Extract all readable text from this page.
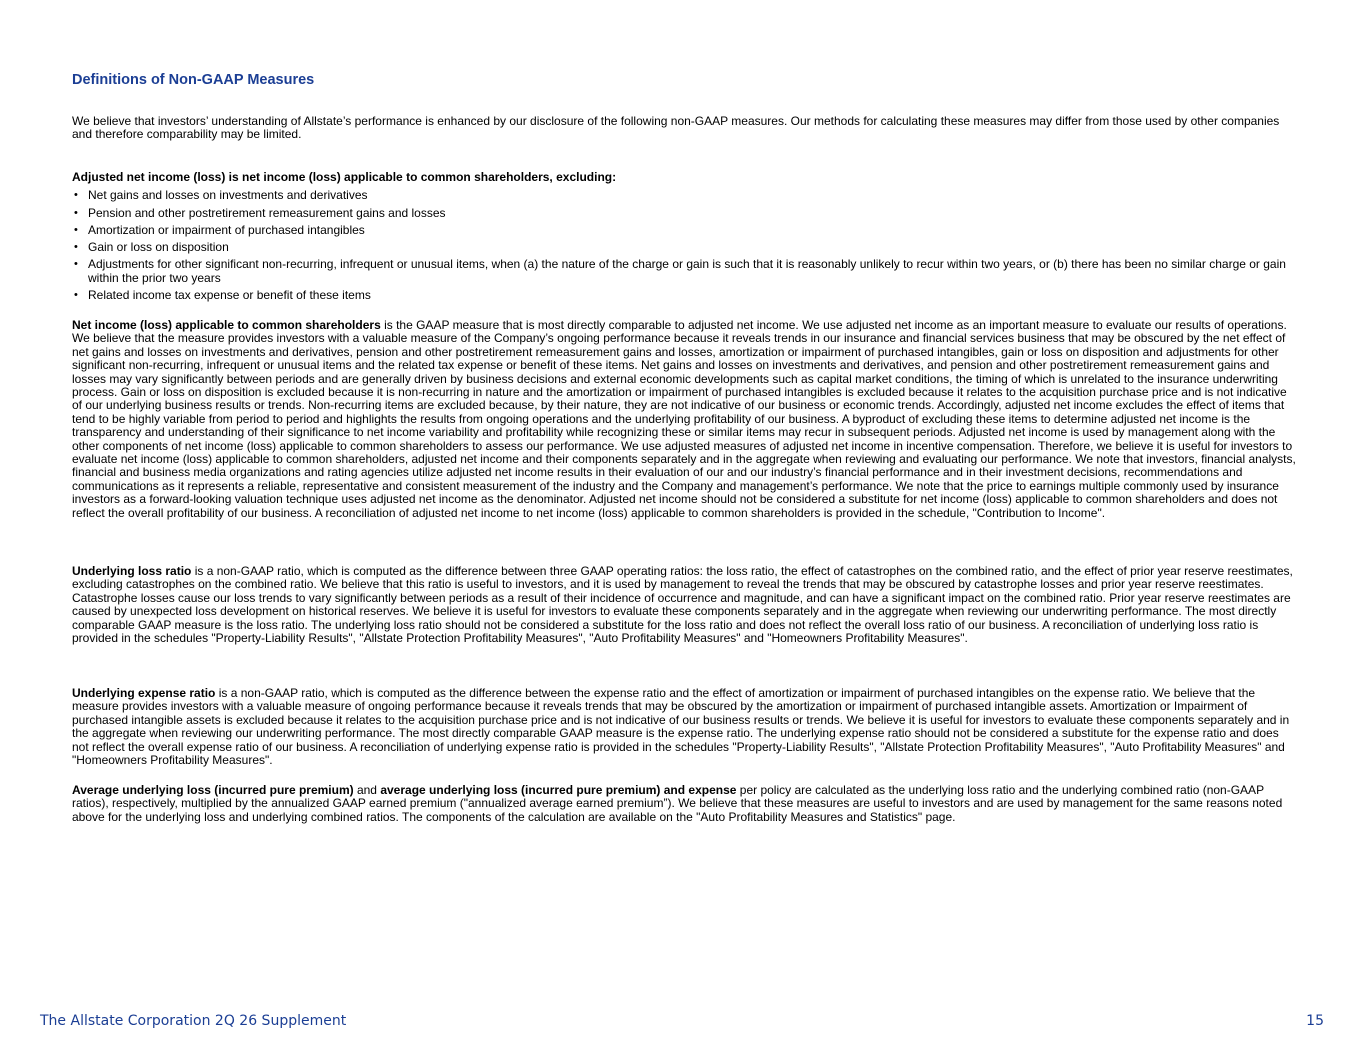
Definitions of Non-GAAP Measures

We believe that investors’ understanding of Allstate’s performance is enhanced by our disclosure of the following non-GAAP measures. Our methods for calculating these measures may differ from those used by other companies and therefore comparability may be limited.

Adjusted net income (loss) is net income (loss) applicable to common shareholders, excluding:
• Net gains and losses on investments and derivatives
• Pension and other postretirement remeasurement gains and losses
• Amortization or impairment of purchased intangibles
• Gain or loss on disposition
• Adjustments for other significant non-recurring, infrequent or unusual items, when (a) the nature of the charge or gain is such that it is reasonably unlikely to recur within two years, or (b) there has been no similar charge or gain within the prior two years
• Related income tax expense or benefit of these items

Net income (loss) applicable to common shareholders is the GAAP measure that is most directly comparable to adjusted net income. We use adjusted net income as an important measure to evaluate our results of operations. We believe that the measure provides investors with a valuable measure of the Company’s ongoing performance because it reveals trends in our insurance and financial services business that may be obscured by the net effect of net gains and losses on investments and derivatives, pension and other postretirement remeasurement gains and losses, amortization or impairment of purchased intangibles, gain or loss on disposition and adjustments for other significant non-recurring, infrequent or unusual items and the related tax expense or benefit of these items. Net gains and losses on investments and derivatives, and pension and other postretirement remeasurement gains and losses may vary significantly between periods and are generally driven by business decisions and external economic developments such as capital market conditions, the timing of which is unrelated to the insurance underwriting process. Gain or loss on disposition is excluded because it is non-recurring in nature and the amortization or impairment of purchased intangibles is excluded because it relates to the acquisition purchase price and is not indicative of our underlying business results or trends. Non-recurring items are excluded because, by their nature, they are not indicative of our business or economic trends. Accordingly, adjusted net income excludes the effect of items that tend to be highly variable from period to period and highlights the results from ongoing operations and the underlying profitability of our business. A byproduct of excluding these items to determine adjusted net income is the transparency and understanding of their significance to net income variability and profitability while recognizing these or similar items may recur in subsequent periods. Adjusted net income is used by management along with the other components of net income (loss) applicable to common shareholders to assess our performance. We use adjusted measures of adjusted net income in incentive compensation. Therefore, we believe it is useful for investors to evaluate net income (loss) applicable to common shareholders, adjusted net income and their components separately and in the aggregate when reviewing and evaluating our performance. We note that investors, financial analysts, financial and business media organizations and rating agencies utilize adjusted net income results in their evaluation of our and our industry’s financial performance and in their investment decisions, recommendations and communications as it represents a reliable, representative and consistent measurement of the industry and the Company and management’s performance. We note that the price to earnings multiple commonly used by insurance investors as a forward-looking valuation technique uses adjusted net income as the denominator. Adjusted net income should not be considered a substitute for net income (loss) applicable to common shareholders and does not reflect the overall profitability of our business. A reconciliation of adjusted net income to net income (loss) applicable to common shareholders is provided in the schedule, "Contribution to Income".

Underlying loss ratio is a non-GAAP ratio, which is computed as the difference between three GAAP operating ratios: the loss ratio, the effect of catastrophes on the combined ratio, and the effect of prior year reserve reestimates, excluding catastrophes on the combined ratio. We believe that this ratio is useful to investors, and it is used by management to reveal the trends that may be obscured by catastrophe losses and prior year reserve reestimates. Catastrophe losses cause our loss trends to vary significantly between periods as a result of their incidence of occurrence and magnitude, and can have a significant impact on the combined ratio. Prior year reserve reestimates are caused by unexpected loss development on historical reserves. We believe it is useful for investors to evaluate these components separately and in the aggregate when reviewing our underwriting performance. The most directly comparable GAAP measure is the loss ratio. The underlying loss ratio should not be considered a substitute for the loss ratio and does not reflect the overall loss ratio of our business. A reconciliation of underlying loss ratio is provided in the schedules "Property-Liability Results", "Allstate Protection Profitability Measures", "Auto Profitability Measures" and "Homeowners Profitability Measures".

Underlying expense ratio is a non-GAAP ratio, which is computed as the difference between the expense ratio and the effect of amortization or impairment of purchased intangibles on the expense ratio. We believe that the measure provides investors with a valuable measure of ongoing performance because it reveals trends that may be obscured by the amortization or impairment of purchased intangible assets. Amortization or Impairment of purchased intangible assets is excluded because it relates to the acquisition purchase price and is not indicative of our business results or trends. We believe it is useful for investors to evaluate these components separately and in the aggregate when reviewing our underwriting performance. The most directly comparable GAAP measure is the expense ratio. The underlying expense ratio should not be considered a substitute for the expense ratio and does not reflect the overall expense ratio of our business. A reconciliation of underlying expense ratio is provided in the schedules "Property-Liability Results", "Allstate Protection Profitability Measures", "Auto Profitability Measures" and "Homeowners Profitability Measures".

Average underlying loss (incurred pure premium) and average underlying loss (incurred pure premium) and expense per policy are calculated as the underlying loss ratio and the underlying combined ratio (non-GAAP ratios), respectively, multiplied by the annualized GAAP earned premium ("annualized average earned premium”). We believe that these measures are useful to investors and are used by management for the same reasons noted above for the underlying loss and underlying combined ratios. The components of the calculation are available on the "Auto Profitability Measures and Statistics" page.

The Allstate Corporation 2Q 26 Supplement	15
